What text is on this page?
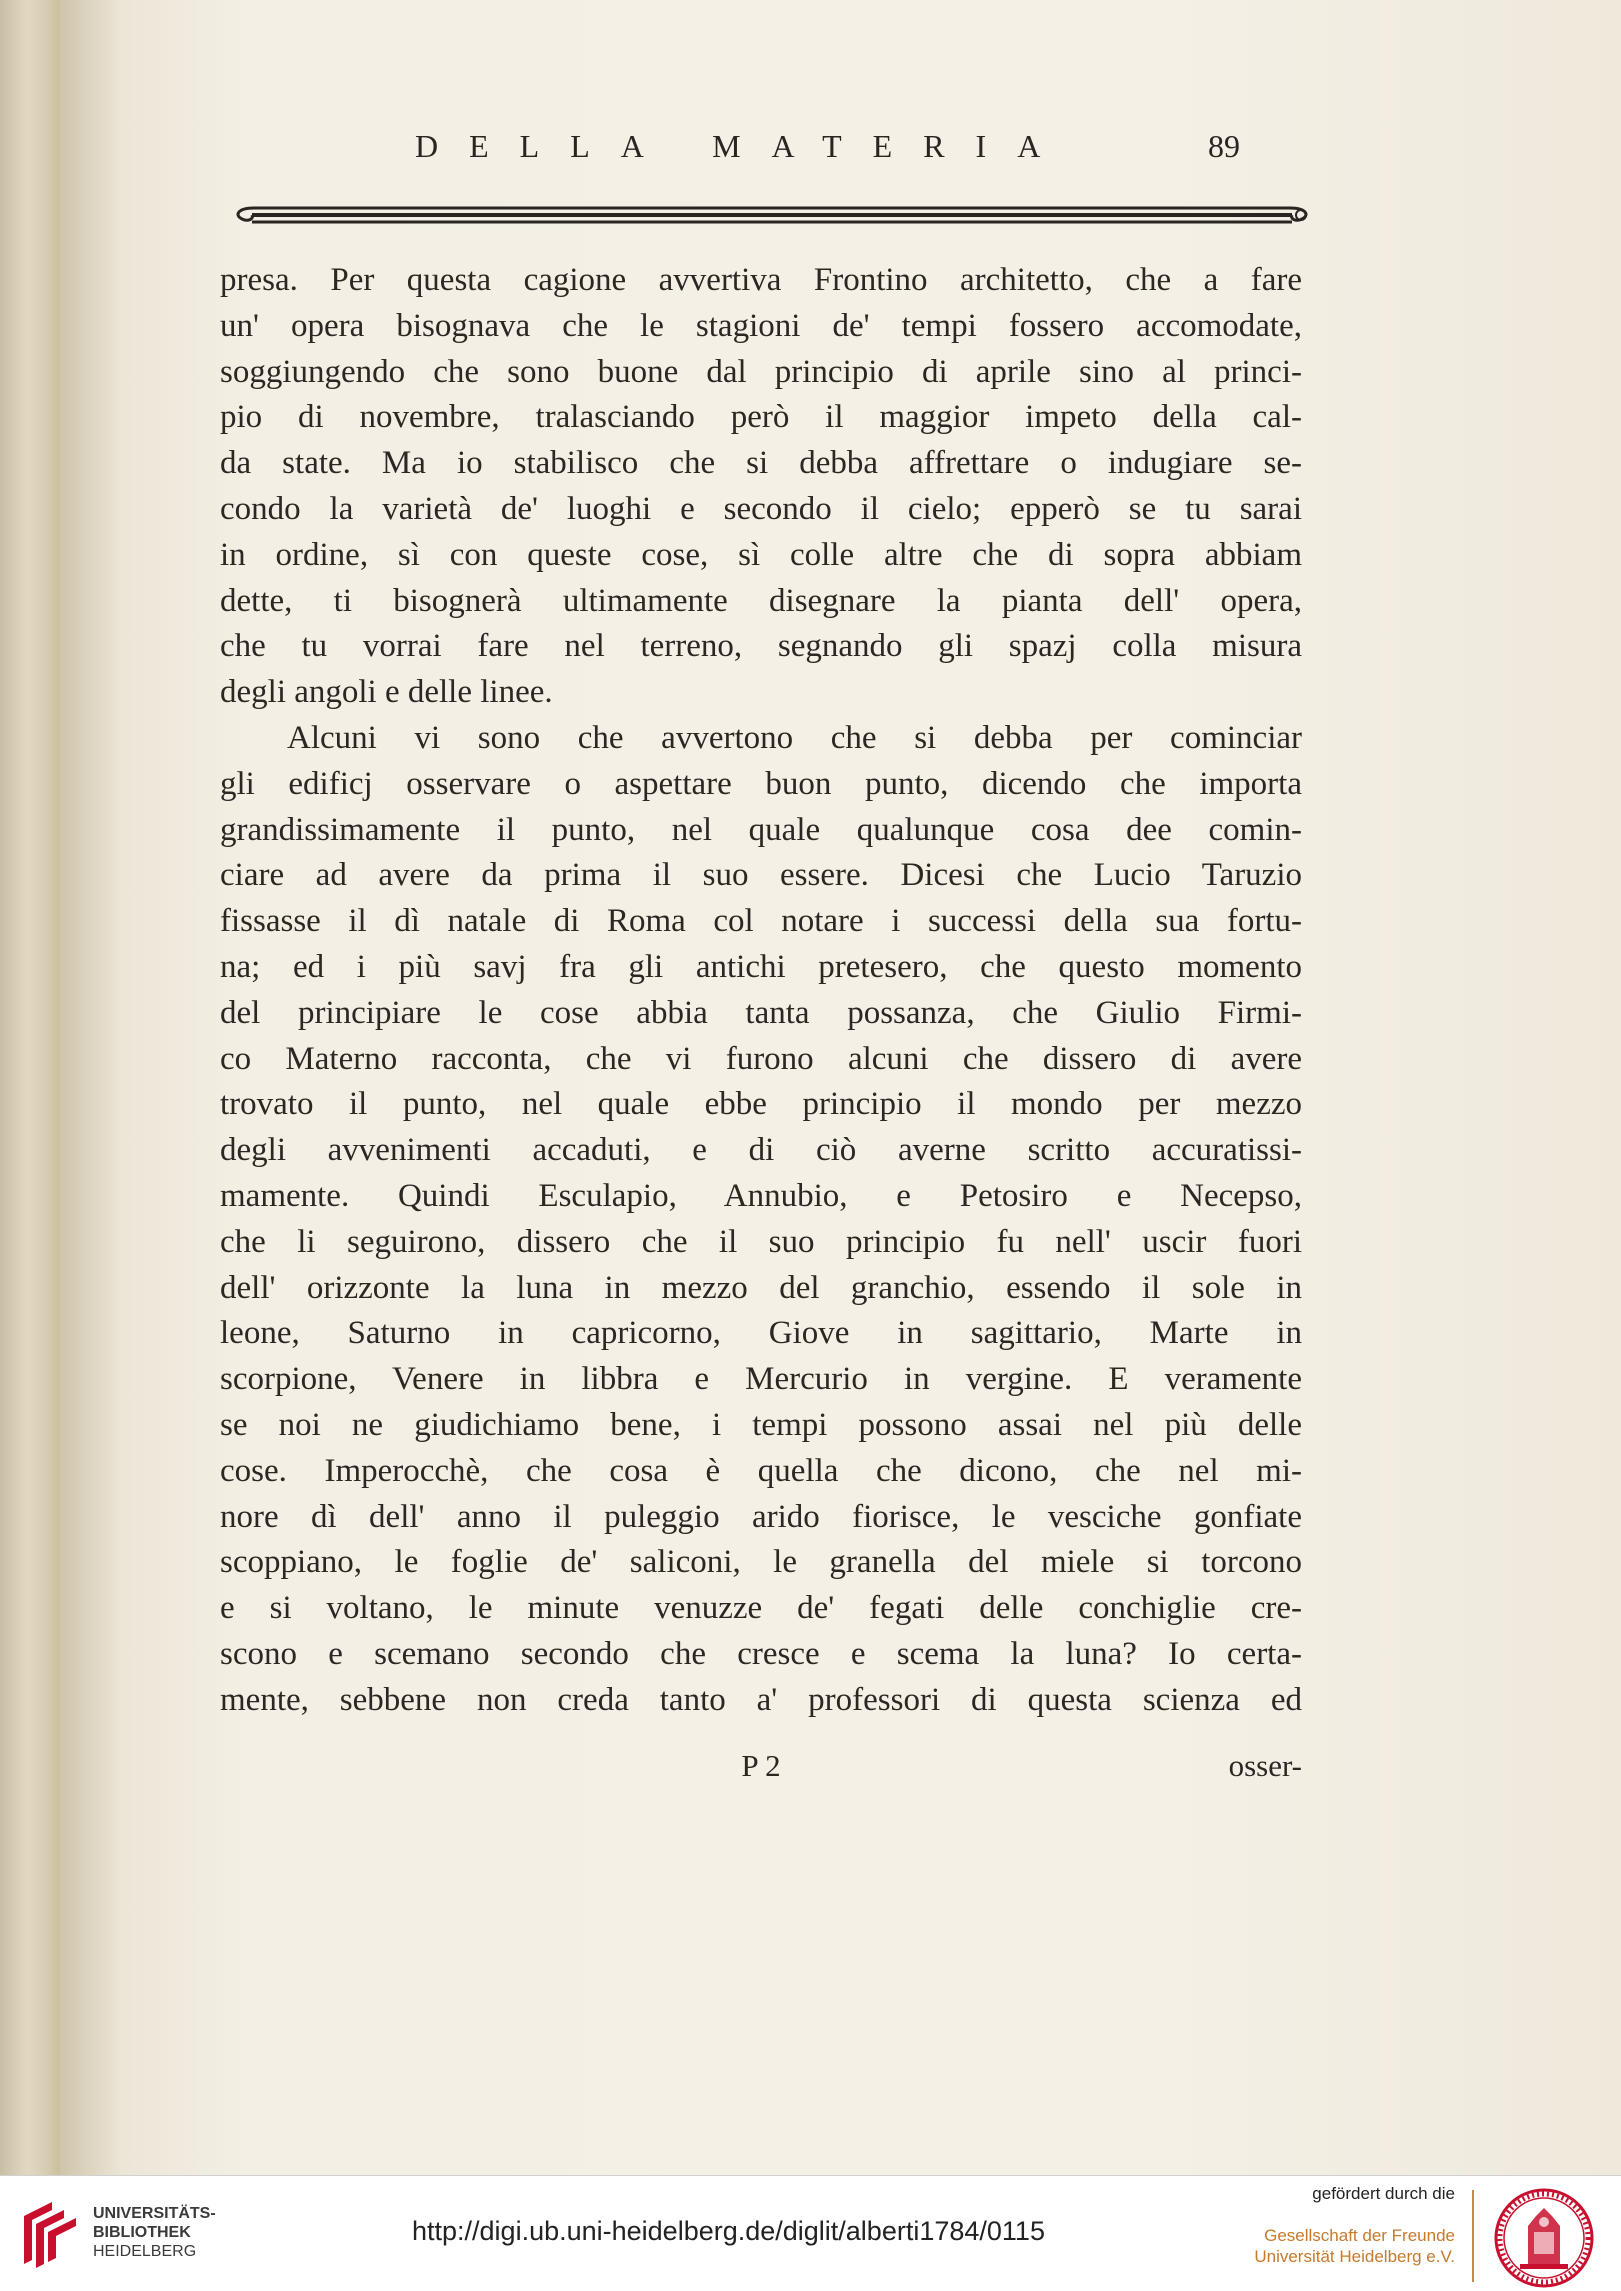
DELLA MATERIA	89
presa. Per questa cagione avvertiva Frontino architetto, che a fare
un' opera bisognava che le stagioni de' tempi fossero accomodate,
soggiungendo che sono buone dal principio di aprile sino al princi-
pio di novembre, tralasciando però il maggior impeto della cal-
da state. Ma io stabilisco che si debba affrettare o indugiare se-
condo la varietà de' luoghi e secondo il cielo; epperò se tu sarai
in ordine, sì con queste cose, sì colle altre che di sopra abbiam
dette, ti bisognerà ultimamente disegnare la pianta dell' opera,
che tu vorrai fare nel terreno, segnando gli spazj colla misura
degli angoli e delle linee.
Alcuni vi sono che avvertono che si debba per cominciar
gli edificj osservare o aspettare buon punto, dicendo che importa
grandissimamente il punto, nel quale qualunque cosa dee comin-
ciare ad avere da prima il suo essere. Dicesi che Lucio Taruzio
fissasse il dì natale di Roma col notare i successi della sua fortu-
na; ed i più savj fra gli antichi pretesero, che questo momento
del principiare le cose abbia tanta possanza, che Giulio Firmi-
co Materno racconta, che vi furono alcuni che dissero di avere
trovato il punto, nel quale ebbe principio il mondo per mezzo
degli avvenimenti accaduti, e di ciò averne scritto accuratissi-
mamente. Quindi Esculapio, Annubio, e Petosiro e Necepso,
che li seguirono, dissero che il suo principio fu nell' uscir fuori
dell' orizzonte la luna in mezzo del granchio, essendo il sole in
leone, Saturno in capricorno, Giove in sagittario, Marte in
scorpione, Venere in libbra e Mercurio in vergine. E veramente
se noi ne giudichiamo bene, i tempi possono assai nel più delle
cose. Imperocchè, che cosa è quella che dicono, che nel mi-
nore dì dell' anno il puleggio arido fiorisce, le vesciche gonfiate
scoppiano, le foglie de' saliconi, le granella del miele si torcono
e si voltano, le minute venuzze de' fegati delle conchiglie cre-
scono e scemano secondo che cresce e scema la luna? Io certa-
mente, sebbene non creda tanto a' professori di questa scienza ed
P 2	osser-
UNIVERSITÄTS-
BIBLIOTHEK
HEIDELBERG
http://digi.ub.uni-heidelberg.de/diglit/alberti1784/0115
gefördert durch die
Gesellschaft der Freunde
Universität Heidelberg e.V.
